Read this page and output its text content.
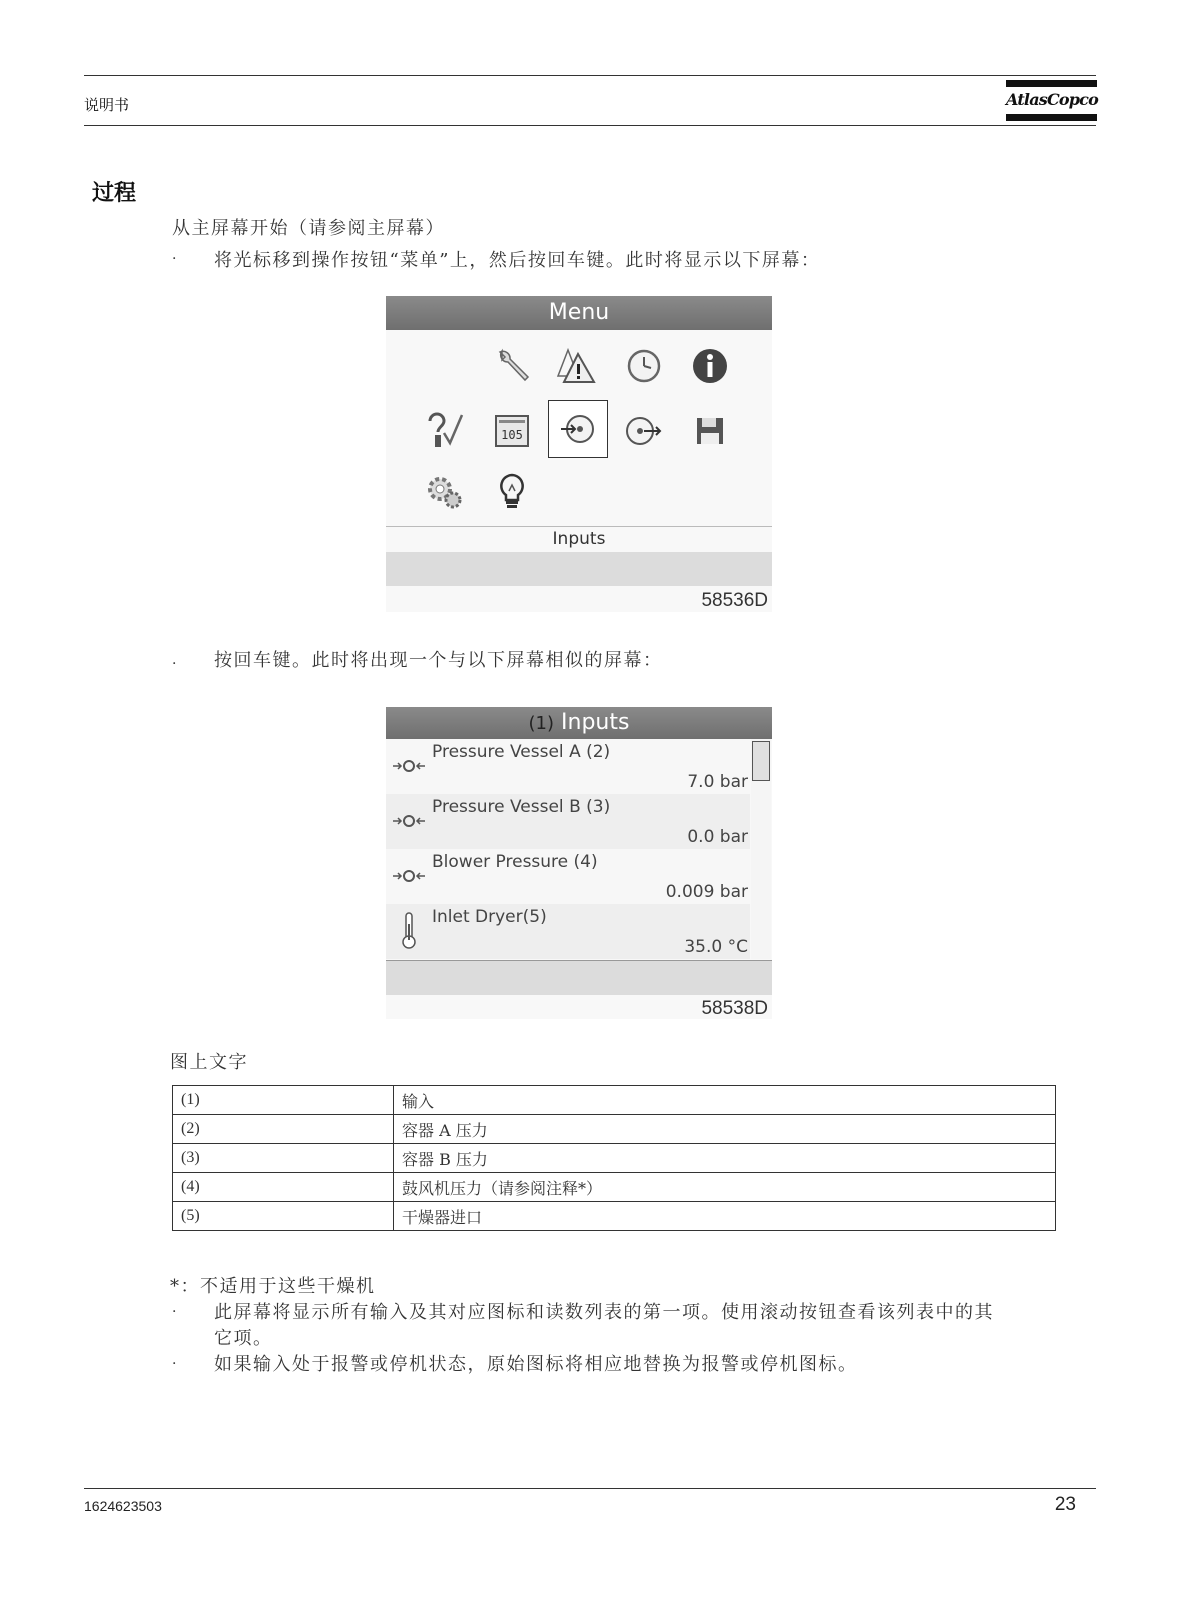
说明书	AtlasCopco
过程
从主屏幕开始（请参阅主屏幕）
· 将光标移到操作按钮“菜单”上，然后按回车键。此时将显示以下屏幕：
Menu
105
Inputs
58536D
· 按回车键。此时将出现一个与以下屏幕相似的屏幕：
(1) Inputs
Pressure Vessel A (2)
7.0 bar
Pressure Vessel B (3)
0.0 bar
Blower Pressure (4)
0.009 bar
Inlet Dryer(5)
35.0 °C
58538D
图上文字
(1)	输入
(2)	容器 A 压力
(3)	容器 B 压力
(4)	鼓风机压力（请参阅注释*）
(5)	干燥器进口
*：不适用于这些干燥机
· 此屏幕将显示所有输入及其对应图标和读数列表的第一项。使用滚动按钮查看该列表中的其
它项。
· 如果输入处于报警或停机状态，原始图标将相应地替换为报警或停机图标。
1624623503	23
